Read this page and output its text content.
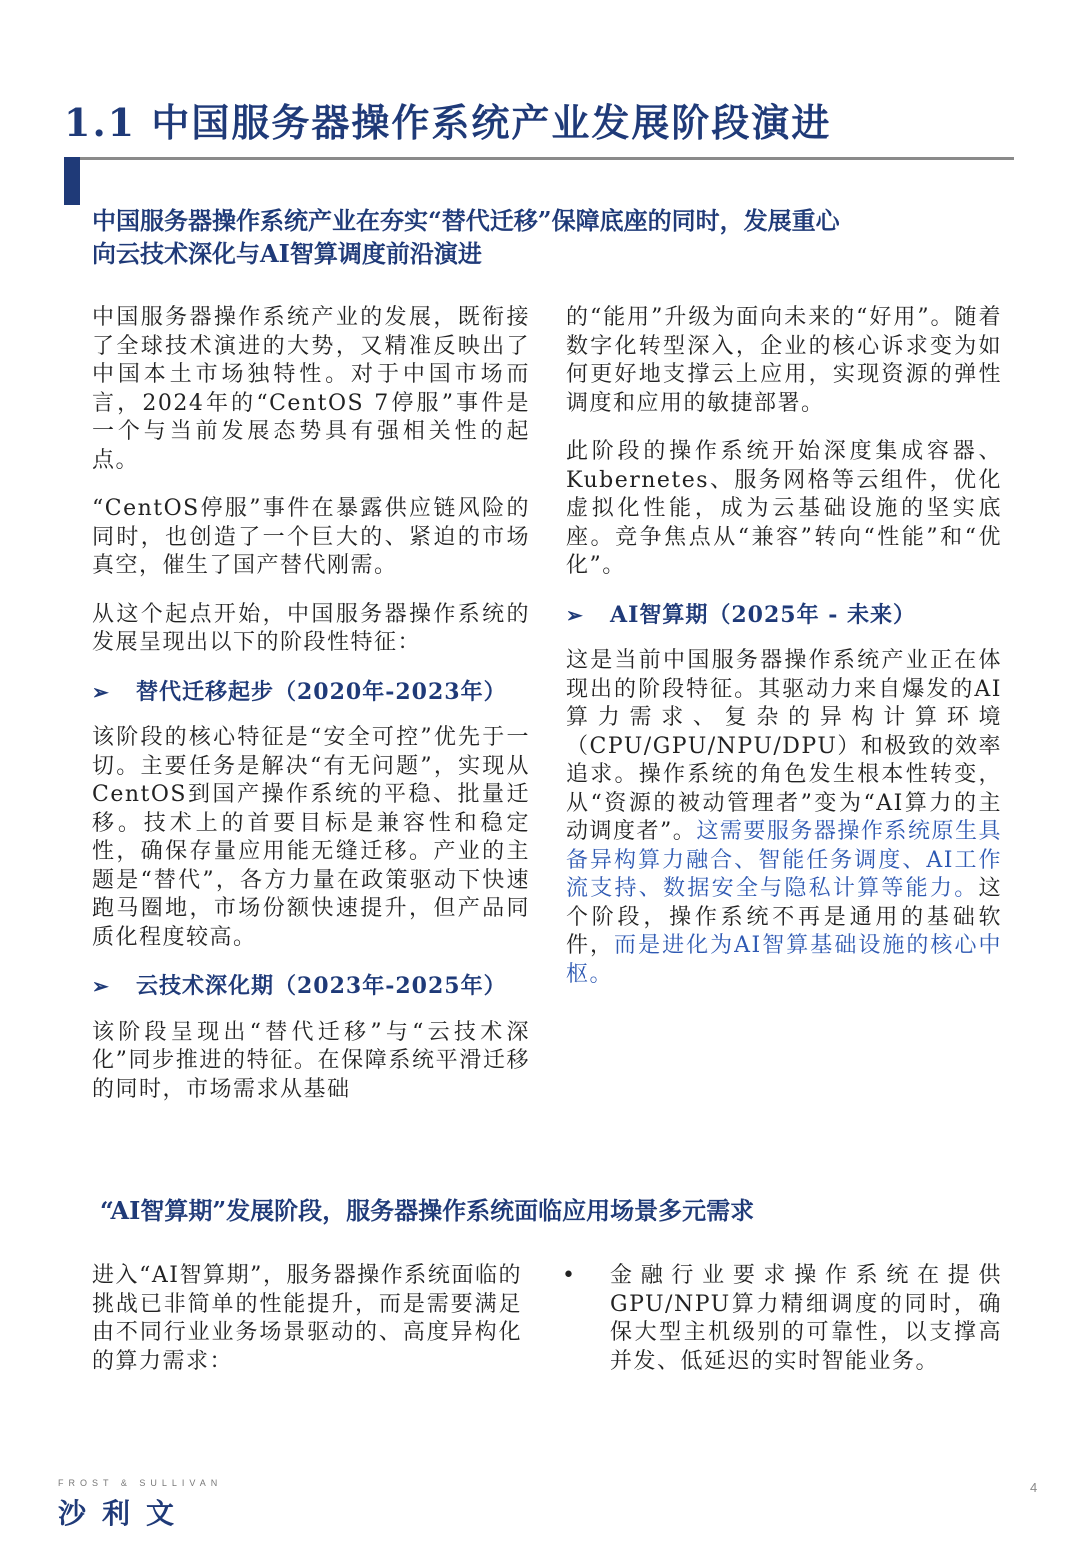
1.1 中国服务器操作系统产业发展阶段演进
中国服务器操作系统产业在夯实“替代迁移”保障底座的同时，发展重心
向云技术深化与AI智算调度前沿演进

中国服务器操作系统产业的发展，既衔接了全球技术演进的大势，又精准反映出了中国本土市场独特性。对于中国市场而言，2024年的“CentOS 7停服”事件是一个与当前发展态势具有强相关性的起点。

“CentOS停服”事件在暴露供应链风险的同时，也创造了一个巨大的、紧迫的市场真空，催生了国产替代刚需。

从这个起点开始，中国服务器操作系统的发展呈现出以下的阶段性特征：

➢ 替代迁移起步（2020年-2023年）

该阶段的核心特征是“安全可控”优先于一切。主要任务是解决“有无问题”，实现从CentOS到国产操作系统的平稳、批量迁移。技术上的首要目标是兼容性和稳定性，确保存量应用能无缝迁移。产业的主题是“替代”，各方力量在政策驱动下快速跑马圈地，市场份额快速提升，但产品同质化程度较高。

➢ 云技术深化期（2023年-2025年）

该阶段呈现出“替代迁移”与“云技术深化”同步推进的特征。在保障系统平滑迁移的同时，市场需求从基础

的“能用”升级为面向未来的“好用”。随着数字化转型深入，企业的核心诉求变为如何更好地支撑云上应用，实现资源的弹性调度和应用的敏捷部署。

此阶段的操作系统开始深度集成容器、Kubernetes、服务网格等云组件，优化虚拟化性能，成为云基础设施的坚实底座。竞争焦点从“兼容”转向“性能”和“优化”。

➢ AI智算期（2025年 - 未来）

这是当前中国服务器操作系统产业正在体现出的阶段特征。其驱动力来自爆发的AI算力需求、复杂的异构计算环境（CPU/GPU/NPU/DPU）和极致的效率追求。操作系统的角色发生根本性转变，从“资源的被动管理者”变为“AI算力的主动调度者”。这需要服务器操作系统原生具备异构算力融合、智能任务调度、AI工作流支持、数据安全与隐私计算等能力。这个阶段，操作系统不再是通用的基础软件，而是进化为AI智算基础设施的核心中枢。

“AI智算期”发展阶段，服务器操作系统面临应用场景多元需求

进入“AI智算期”，服务器操作系统面临的挑战已非简单的性能提升，而是需要满足由不同行业业务场景驱动的、高度异构化的算力需求：

•	金融行业要求操作系统在提供GPU/NPU算力精细调度的同时，确保大型主机级别的可靠性，以支撑高并发、低延迟的实时智能业务。
FROST & SULLIVAN
沙利文
4
